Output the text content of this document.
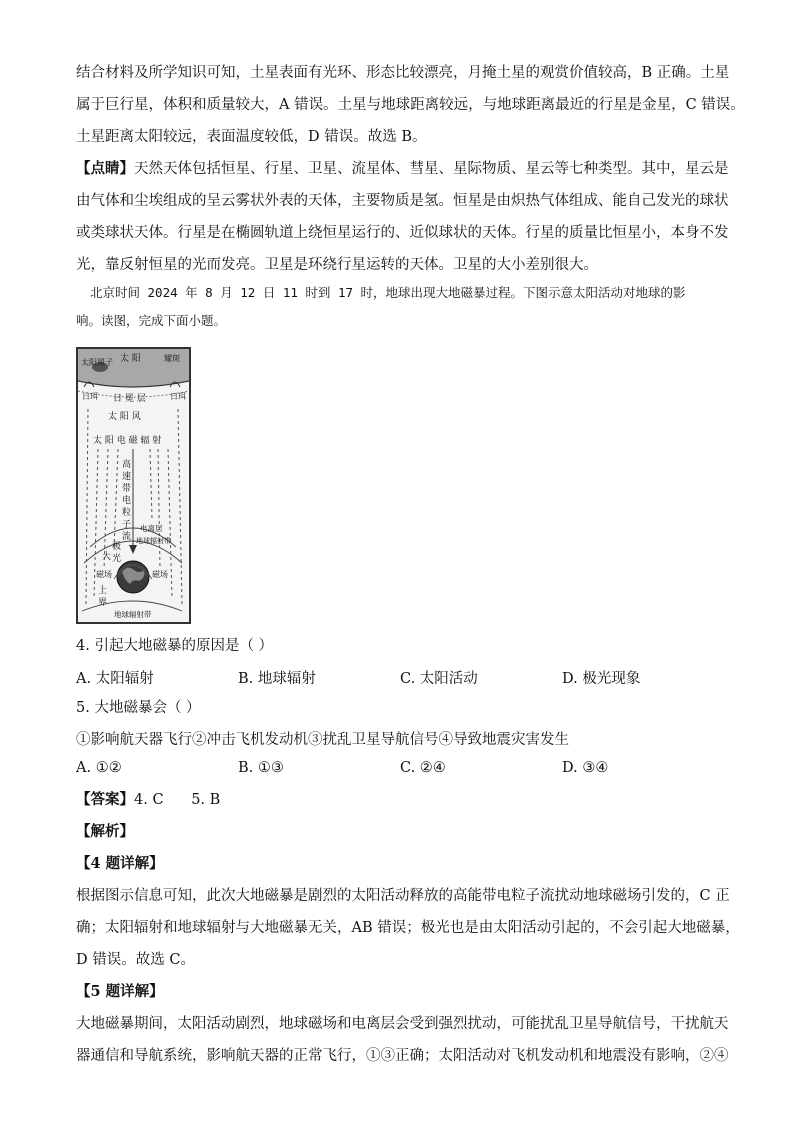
结合材料及所学知识可知，土星表面有光环、形态比较漂亮，月掩土星的观赏价值较高，B 正确。土星
属于巨行星，体积和质量较大，A 错误。土星与地球距离较远，与地球距离最近的行星是金星，C 错误。
土星距离太阳较远，表面温度较低，D 错误。故选 B。
【点睛】天然天体包括恒星、行星、卫星、流星体、彗星、星际物质、星云等七种类型。其中，星云是
由气体和尘埃组成的呈云雾状外表的天体，主要物质是氢。恒星是由炽热气体组成、能自己发光的球状
或类球状天体。行星是在椭圆轨道上绕恒星运行的、近似球状的天体。行星的质量比恒星小，本身不发
光，靠反射恒星的光而发亮。卫星是环绕行星运转的天体。卫星的大小差别很大。
北京时间 2024 年 8 月 12 日 11 时到 17 时，地球出现大地磁暴过程。下图示意太阳活动对地球的影
响。读图，完成下面小题。
太阳黑子 太 阳	耀斑
日珥 日 冕 层	日珥
太 阳 风
太 阳 电 磁 辐 射
高
速
带
电
粒
子
流
电离层
地球辐射带
极
光
大
磁场	磁场
上
界
地球辐射带
4. 引起大地磁暴的原因是（ ）
A. 太阳辐射	B. 地球辐射	C. 太阳活动	D. 极光现象
5. 大地磁暴会（ ）
①影响航天器飞行②冲击飞机发动机③扰乱卫星导航信号④导致地震灾害发生
A. ①②	B. ①③	C. ②④	D. ③④
【答案】4. C      5. B
【解析】
【4 题详解】
根据图示信息可知，此次大地磁暴是剧烈的太阳活动释放的高能带电粒子流扰动地球磁场引发的，C 正
确；太阳辐射和地球辐射与大地磁暴无关，AB 错误；极光也是由太阳活动引起的，不会引起大地磁暴，
D 错误。故选 C。
【5 题详解】
大地磁暴期间，太阳活动剧烈，地球磁场和电离层会受到强烈扰动，可能扰乱卫星导航信号，干扰航天
器通信和导航系统，影响航天器的正常飞行，①③正确；太阳活动对飞机发动机和地震没有影响，②④
